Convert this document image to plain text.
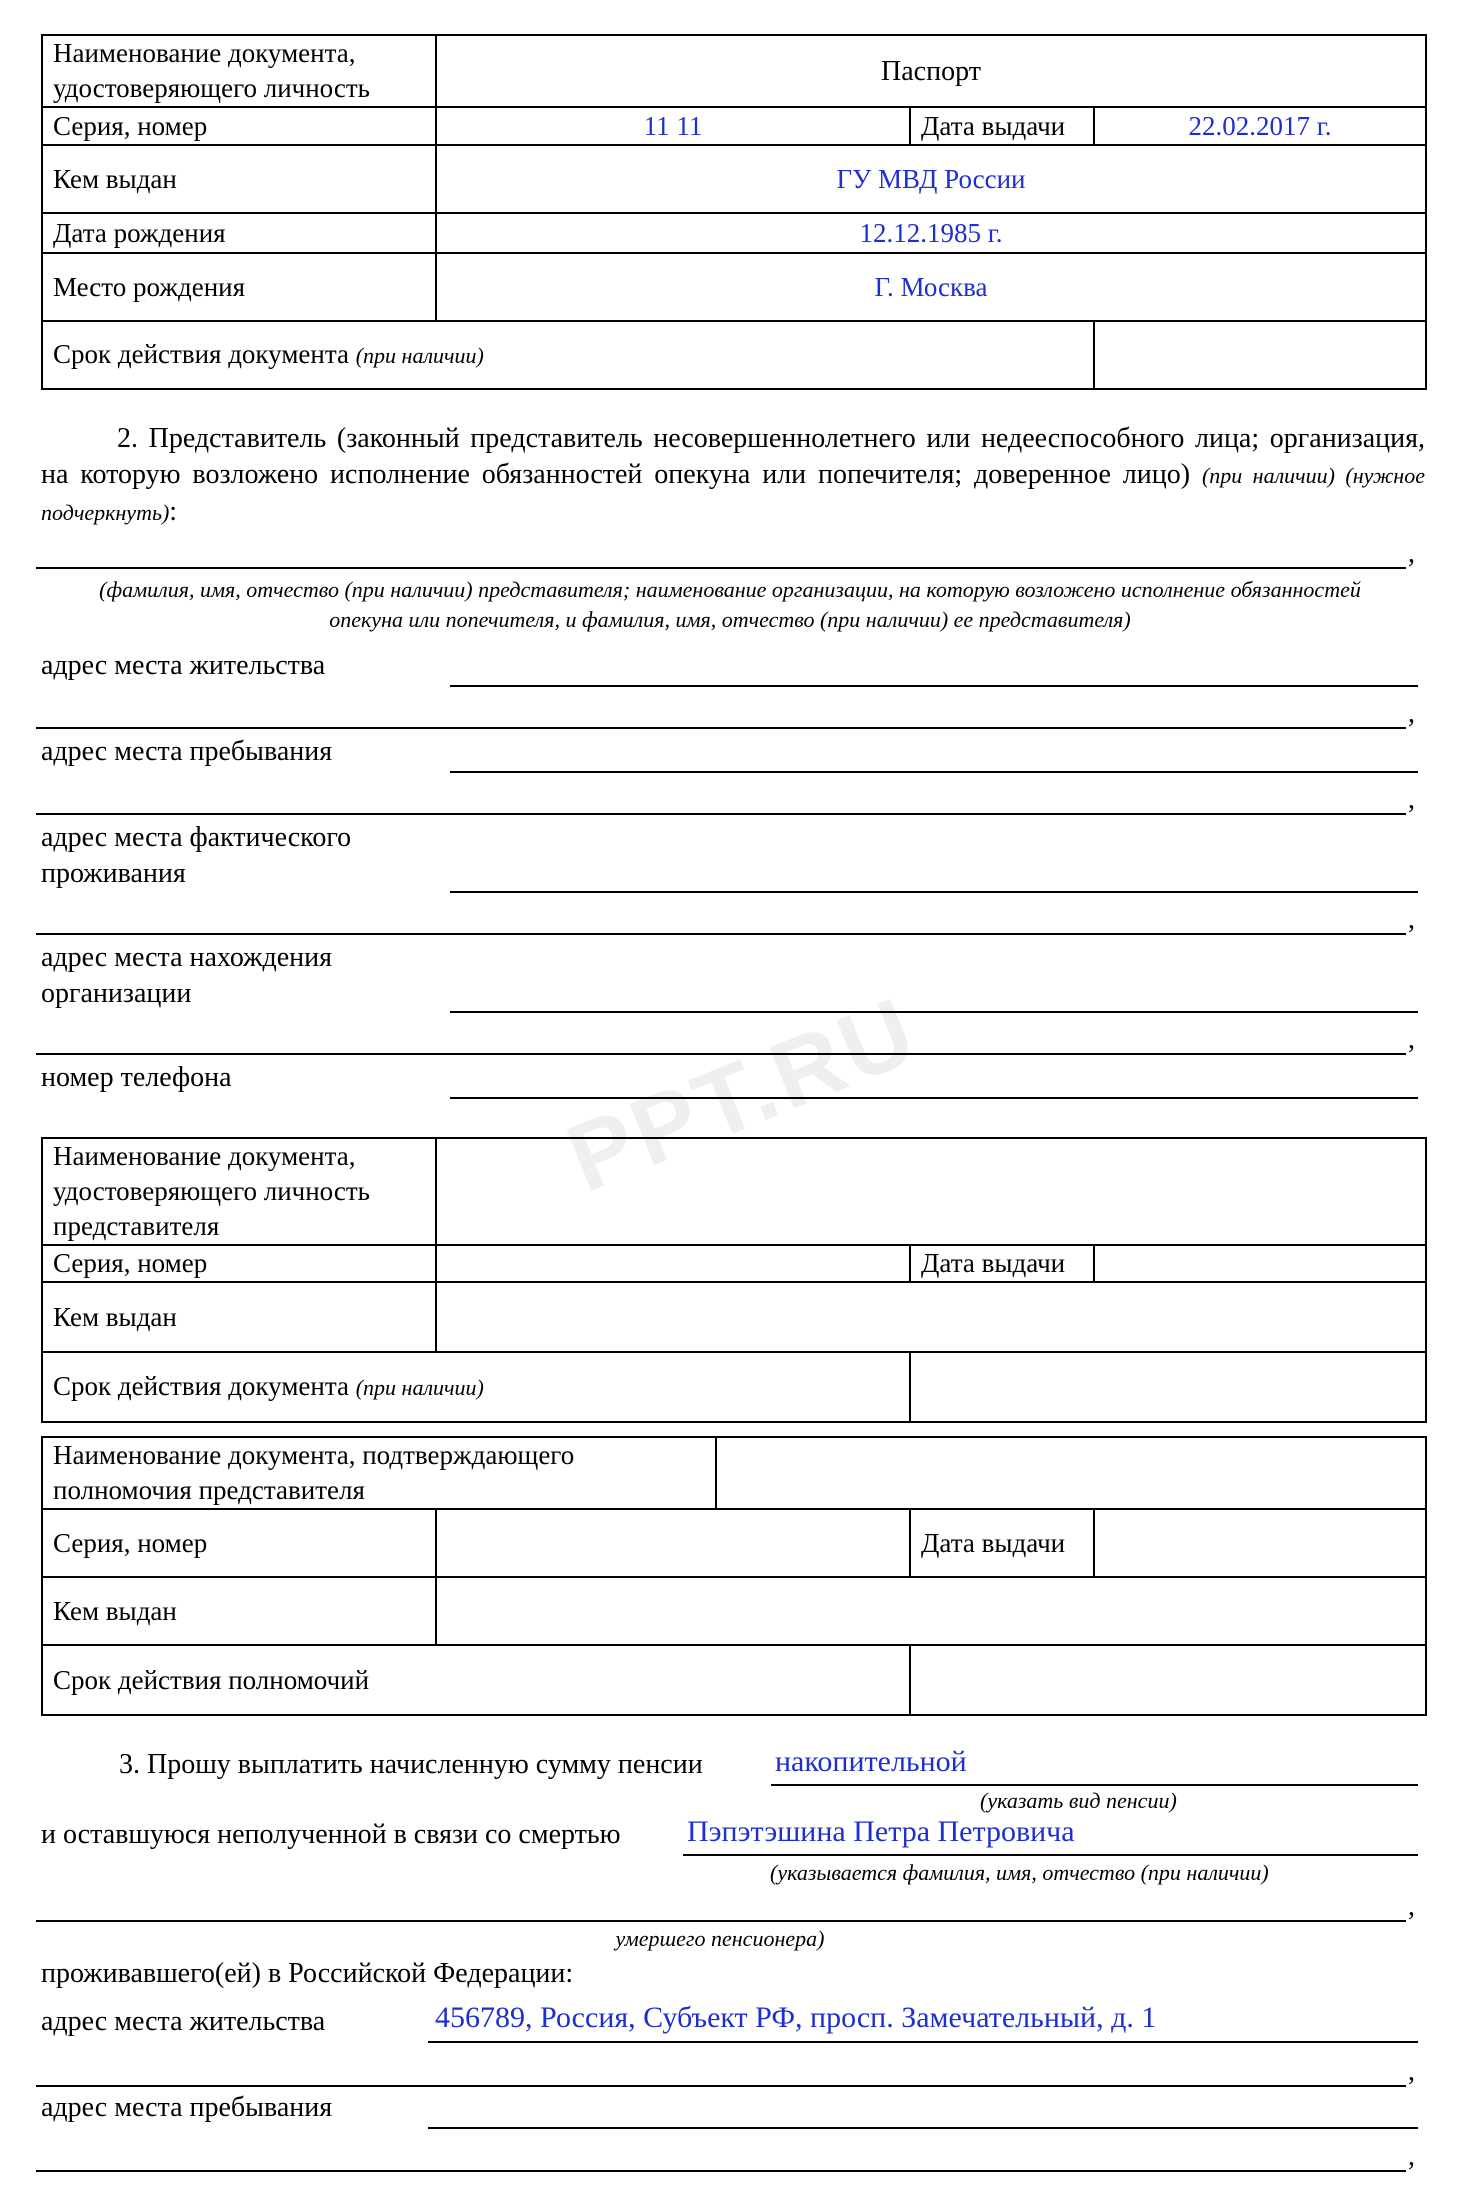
Наименование документа, удостоверяющего личность	Паспорт		
Серия, номер	11 11	Дата выдачи	22.02.2017 г.
Кем выдан	ГУ МВД России		
Дата рождения	12.12.1985 г.		
Место рождения	Г. Москва		
Срок действия документа (при наличии)			
2. Представитель (законный представитель несовершеннолетнего или недееспособного лица; организация, на которую возложено исполнение обязанностей опекуна или попечителя; доверенное лицо) (при наличии) (нужное подчеркнуть):
,
(фамилия, имя, отчество (при наличии) представителя; наименование организации, на которую возложено исполнение обязанностей опекуна или попечителя, и фамилия, имя, отчество (при наличии) ее представителя)
адрес места жительства
,
адрес места пребывания
,
адрес места фактического
проживания
,
адрес места нахождения
организации
,
номер телефона	PPT.RU
Наименование документа, удостоверяющего личность представителя			
Серия, номер		Дата выдачи	
Кем выдан			
Срок действия документа (при наличии)			
Наименование документа, подтверждающего полномочия представителя				
Серия, номер			Дата выдачи	
Кем выдан				
Срок действия полномочий				
3. Прошу выплатить начисленную сумму пенсии накопительной
(указать вид пенсии)
и оставшуюся неполученной в связи со смертью Пэпэтэшина Петра Петровича
(указывается фамилия, имя, отчество (при наличии)
,
умершего пенсионера)
проживавшего(ей) в Российской Федерации:
адрес места жительства	456789, Россия, Субъект РФ, просп. Замечательный, д. 1
,
адрес места пребывания
,
